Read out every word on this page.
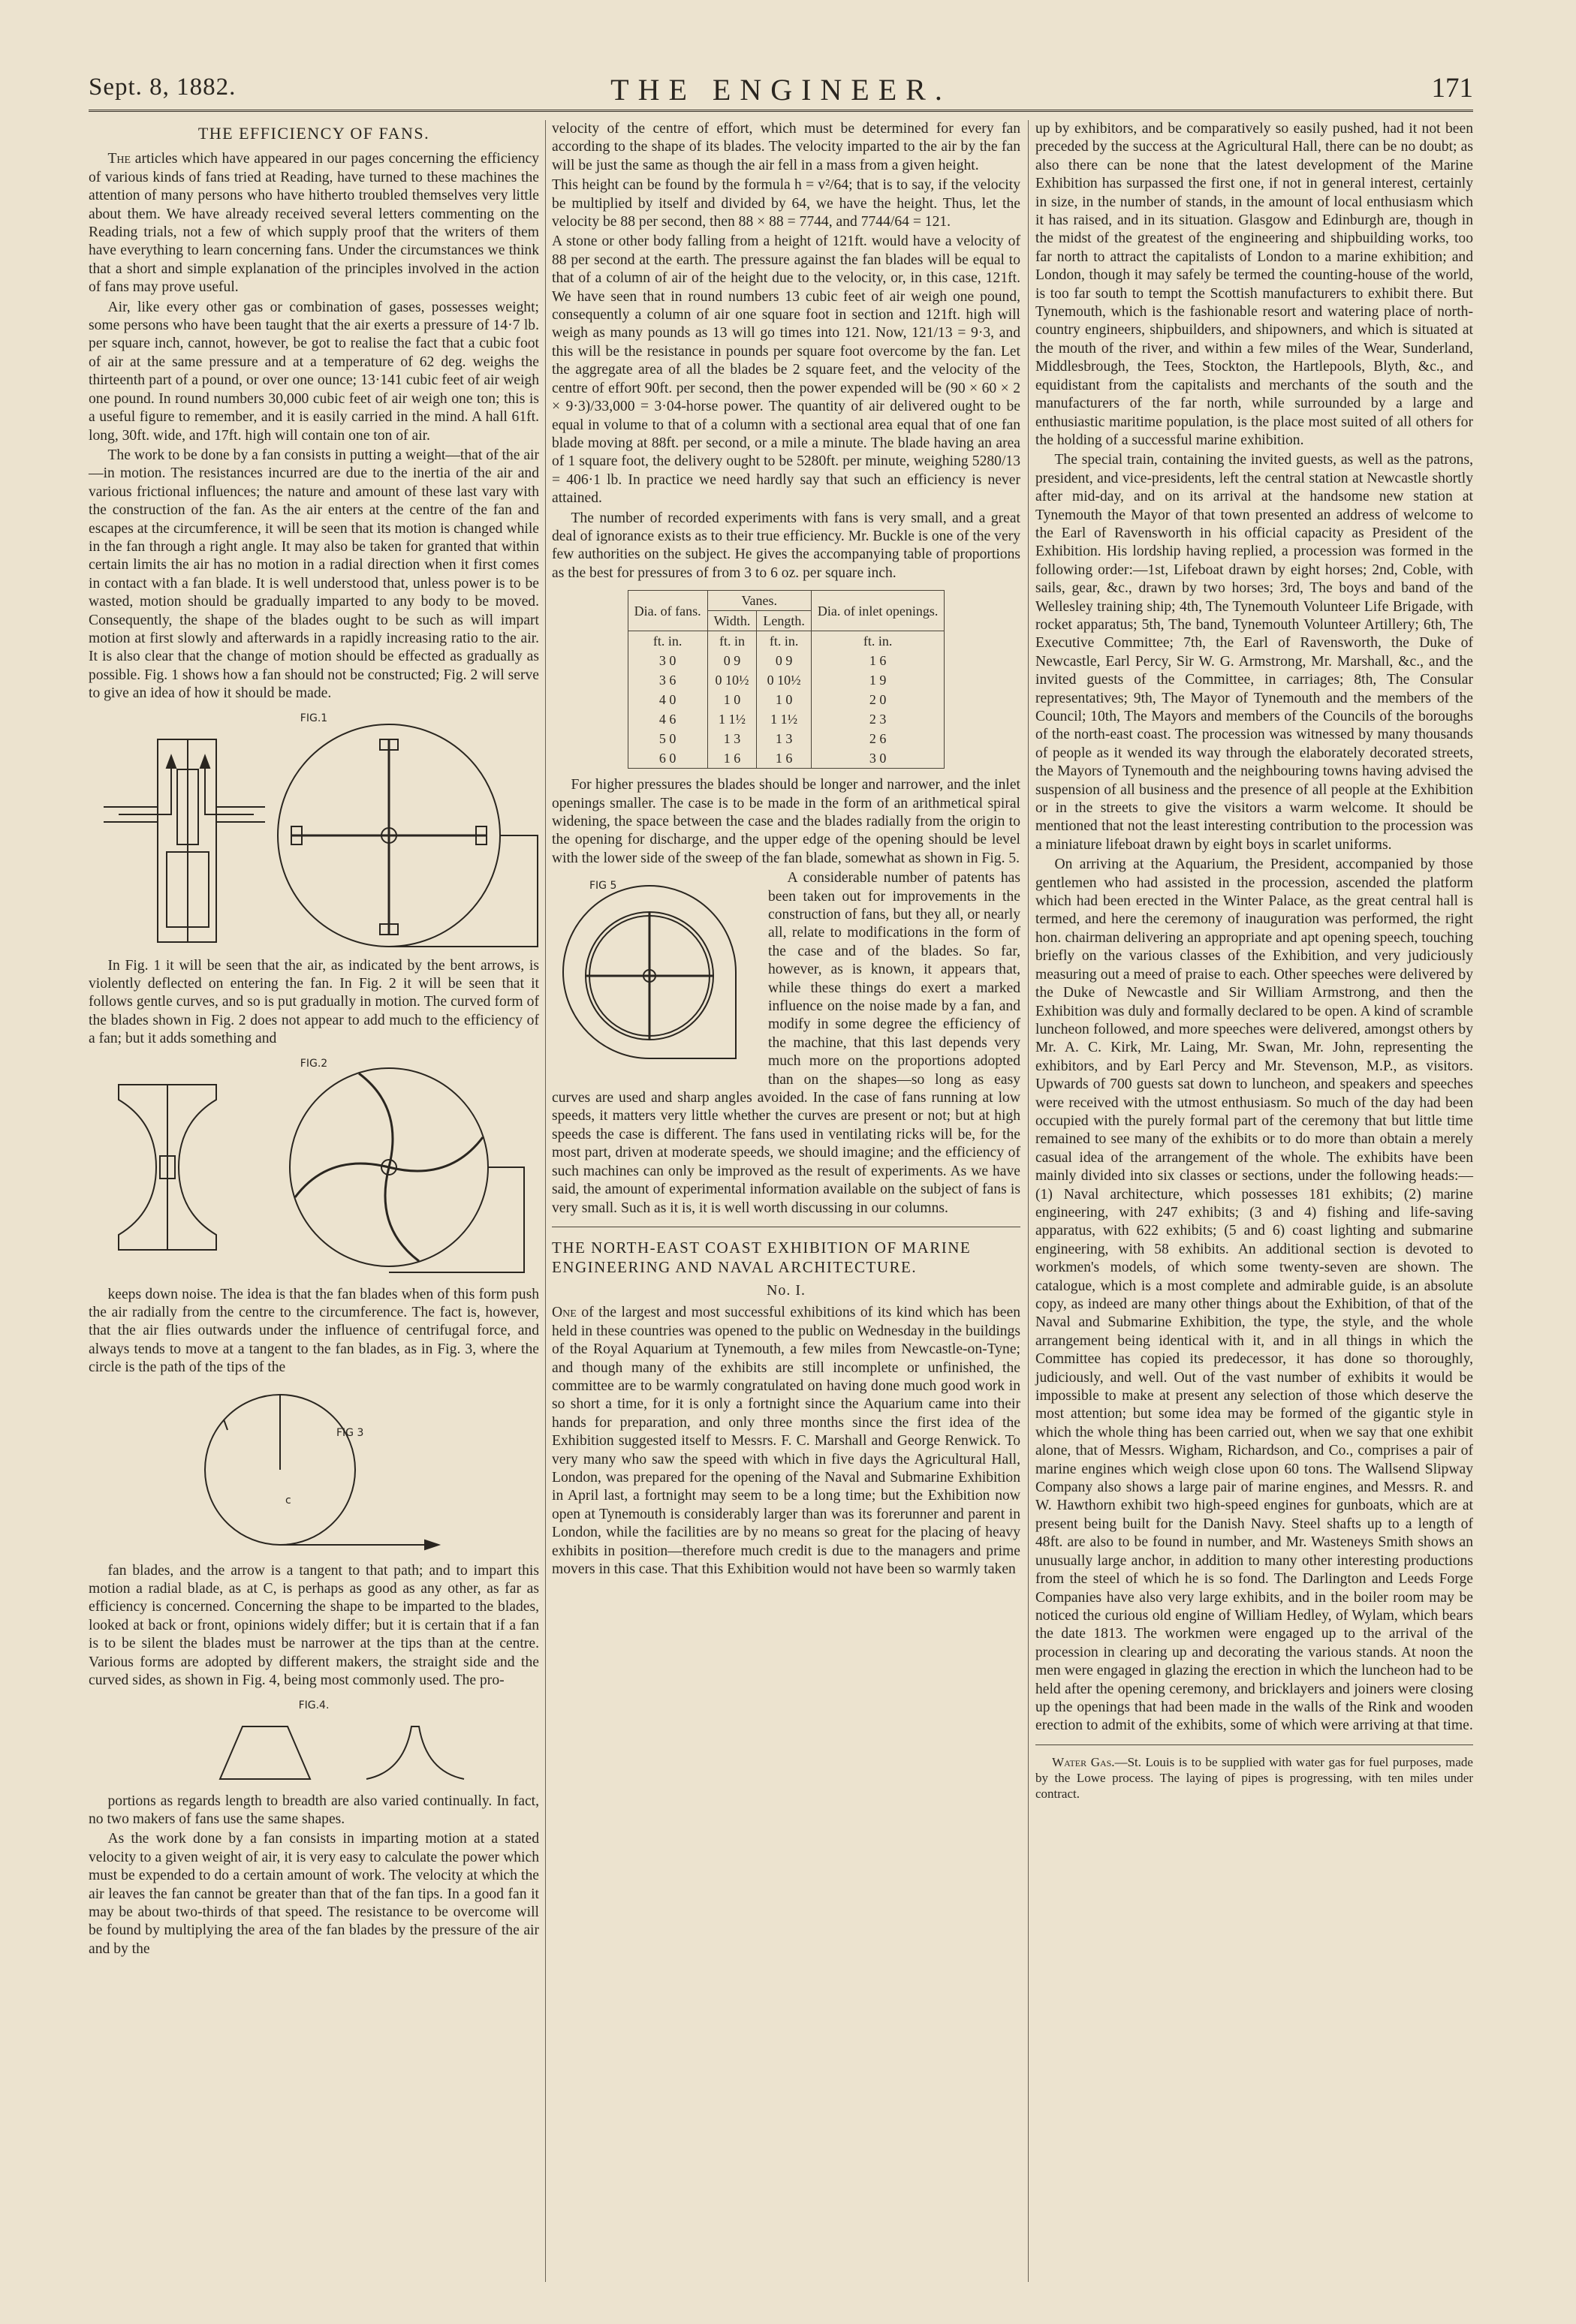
Sept. 8, 1882.	THE ENGINEER.	171
THE EFFICIENCY OF FANS.

The articles which have appeared in our pages concerning the efficiency of various kinds of fans tried at Reading, have turned to these machines the attention of many persons who have hitherto troubled themselves very little about them. We have already received several letters commenting on the Reading trials, not a few of which supply proof that the writers of them have everything to learn concerning fans. Under the circumstances we think that a short and simple explanation of the principles involved in the action of fans may prove useful.

Air, like every other gas or combination of gases, possesses weight; some persons who have been taught that the air exerts a pressure of 14·7 lb. per square inch, cannot, however, be got to realise the fact that a cubic foot of air at the same pressure and at a temperature of 62 deg. weighs the thirteenth part of a pound, or over one ounce; 13·141 cubic feet of air weigh one pound. In round numbers 30,000 cubic feet of air weigh one ton; this is a useful figure to remember, and it is easily carried in the mind. A hall 61ft. long, 30ft. wide, and 17ft. high will contain one ton of air.

The work to be done by a fan consists in putting a weight—that of the air—in motion. The resistances incurred are due to the inertia of the air and various frictional influences; the nature and amount of these last vary with the construction of the fan. As the air enters at the centre of the fan and escapes at the circumference, it will be seen that its motion is changed while in the fan through a right angle. It may also be taken for granted that within certain limits the air has no motion in a radial direction when it first comes in contact with a fan blade. It is well understood that, unless power is to be wasted, motion should be gradually imparted to any body to be moved. Consequently, the shape of the blades ought to be such as will impart motion at first slowly and afterwards in a rapidly increasing ratio to the air. It is also clear that the change of motion should be effected as gradually as possible. Fig. 1 shows how a fan should not be constructed; Fig. 2 will serve to give an idea of how it should be made.

FIG.1

In Fig. 1 it will be seen that the air, as indicated by the bent arrows, is violently deflected on entering the fan. In Fig. 2 it will be seen that it follows gentle curves, and so is put gradually in motion. The curved form of the blades shown in Fig. 2 does not appear to add much to the efficiency of a fan; but it adds something and

FIG.2

keeps down noise. The idea is that the fan blades when of this form push the air radially from the centre to the circumference. The fact is, however, that the air flies outwards under the influence of centrifugal force, and always tends to move at a tangent to the fan blades, as in Fig. 3, where the circle is the path of the tips of the

FIG 3
c

fan blades, and the arrow is a tangent to that path; and to impart this motion a radial blade, as at C, is perhaps as good as any other, as far as efficiency is concerned. Concerning the shape to be imparted to the blades, looked at back or front, opinions widely differ; but it is certain that if a fan is to be silent the blades must be narrower at the tips than at the centre. Various forms are adopted by different makers, the straight side and the curved sides, as shown in Fig. 4, being most commonly used. The pro-

FIG.4.

portions as regards length to breadth are also varied continually. In fact, no two makers of fans use the same shapes.

As the work done by a fan consists in imparting motion at a stated velocity to a given weight of air, it is very easy to calculate the power which must be expended to do a certain amount of work. The velocity at which the air leaves the fan cannot be greater than that of the fan tips. In a good fan it may be about two-thirds of that speed. The resistance to be overcome will be found by multiplying the area of the fan blades by the pressure of the air and by the

velocity of the centre of effort, which must be determined for every fan according to the shape of its blades. The velocity imparted to the air by the fan will be just the same as though the air fell in a mass from a given height.

This height can be found by the formula h = v²/64; that is to say, if the velocity be multiplied by itself and divided by 64, we have the height. Thus, let the velocity be 88 per second, then 88 × 88 = 7744, and 7744/64 = 121.

A stone or other body falling from a height of 121ft. would have a velocity of 88 per second at the earth. The pressure against the fan blades will be equal to that of a column of air of the height due to the velocity, or, in this case, 121ft. We have seen that in round numbers 13 cubic feet of air weigh one pound, consequently a column of air one square foot in section and 121ft. high will weigh as many pounds as 13 will go times into 121. Now, 121/13 = 9·3, and this will be the resistance in pounds per square foot overcome by the fan. Let the aggregate area of all the blades be 2 square feet, and the velocity of the centre of effort 90ft. per second, then the power expended will be (90 × 60 × 2 × 9·3)/33,000 = 3·04-horse power. The quantity of air delivered ought to be equal in volume to that of a column with a sectional area equal that of one fan blade moving at 88ft. per second, or a mile a minute. The blade having an area of 1 square foot, the delivery ought to be 5280ft. per minute, weighing 5280/13 = 406·1 lb. In practice we need hardly say that such an efficiency is never attained.

The number of recorded experiments with fans is very small, and a great deal of ignorance exists as to their true efficiency. Mr. Buckle is one of the very few authorities on the subject. He gives the accompanying table of proportions as the best for pressures of from 3 to 6 oz. per square inch.

Dia. of fans.	Vanes.		Dia. of inlet openings.
	Width.	Length.	
ft. in.	ft. in	ft. in.	ft. in.
3 0	0 9	0 9	1 6
3 6	0 10½	0 10½	1 9
4 0	1 0	1 0	2 0
4 6	1 1½	1 1½	2 3
5 0	1 3	1 3	2 6
6 0	1 6	1 6	3 0

For higher pressures the blades should be longer and narrower, and the inlet openings smaller. The case is to be made in the form of an arithmetical spiral widening, the space between the case and the blades radially from the origin to the opening for discharge, and the upper edge of the opening should be level with the lower side of the sweep of the fan blade, somewhat as shown in Fig. 5.

FIG 5	A considerable number of patents has been taken out for improvements in the construction of fans, but they all, or nearly all, relate to modifications in the form of the case and of the blades. So far, however, as is known, it appears that, while these things do exert a marked influence on the noise made by a fan, and modify in some degree the efficiency of the machine, that this last depends very much more on the proportions adopted than on the shapes—so long as easy curves are used and sharp angles avoided. In the case of fans running at low speeds, it matters very little whether the curves are present or not; but at high speeds the case is different. The fans used in ventilating ricks will be, for the most part, driven at moderate speeds, we should imagine; and the efficiency of such machines can only be improved as the result of experiments. As we have said, the amount of experimental information available on the subject of fans is very small. Such as it is, it is well worth discussing in our columns.

THE NORTH-EAST COAST EXHIBITION OF MARINE ENGINEERING AND NAVAL ARCHITECTURE.
No. I.

One of the largest and most successful exhibitions of its kind which has been held in these countries was opened to the public on Wednesday in the buildings of the Royal Aquarium at Tynemouth, a few miles from Newcastle-on-Tyne; and though many of the exhibits are still incomplete or unfinished, the committee are to be warmly congratulated on having done much good work in so short a time, for it is only a fortnight since the Aquarium came into their hands for preparation, and only three months since the first idea of the Exhibition suggested itself to Messrs. F. C. Marshall and George Renwick. To very many who saw the speed with which in five days the Agricultural Hall, London, was prepared for the opening of the Naval and Submarine Exhibition in April last, a fortnight may seem to be a long time; but the Exhibition now open at Tynemouth is considerably larger than was its forerunner and parent in London, while the facilities are by no means so great for the placing of heavy exhibits in position—therefore much credit is due to the managers and prime movers in this case. That this Exhibition would not have been so warmly taken

up by exhibitors, and be comparatively so easily pushed, had it not been preceded by the success at the Agricultural Hall, there can be no doubt; as also there can be none that the latest development of the Marine Exhibition has surpassed the first one, if not in general interest, certainly in size, in the number of stands, in the amount of local enthusiasm which it has raised, and in its situation. Glasgow and Edinburgh are, though in the midst of the greatest of the engineering and shipbuilding works, too far north to attract the capitalists of London to a marine exhibition; and London, though it may safely be termed the counting-house of the world, is too far south to tempt the Scottish manufacturers to exhibit there. But Tynemouth, which is the fashionable resort and watering place of north-country engineers, shipbuilders, and shipowners, and which is situated at the mouth of the river, and within a few miles of the Wear, Sunderland, Middlesbrough, the Tees, Stockton, the Hartlepools, Blyth, &c., and equidistant from the capitalists and merchants of the south and the manufacturers of the far north, while surrounded by a large and enthusiastic maritime population, is the place most suited of all others for the holding of a successful marine exhibition.

The special train, containing the invited guests, as well as the patrons, president, and vice-presidents, left the central station at Newcastle shortly after mid-day, and on its arrival at the handsome new station at Tynemouth the Mayor of that town presented an address of welcome to the Earl of Ravensworth in his official capacity as President of the Exhibition. His lordship having replied, a procession was formed in the following order:—1st, Lifeboat drawn by eight horses; 2nd, Coble, with sails, gear, &c., drawn by two horses; 3rd, The boys and band of the Wellesley training ship; 4th, The Tynemouth Volunteer Life Brigade, with rocket apparatus; 5th, The band, Tynemouth Volunteer Artillery; 6th, The Executive Committee; 7th, the Earl of Ravensworth, the Duke of Newcastle, Earl Percy, Sir W. G. Armstrong, Mr. Marshall, &c., and the invited guests of the Committee, in carriages; 8th, The Consular representatives; 9th, The Mayor of Tynemouth and the members of the Council; 10th, The Mayors and members of the Councils of the boroughs of the north-east coast. The procession was witnessed by many thousands of people as it wended its way through the elaborately decorated streets, the Mayors of Tynemouth and the neighbouring towns having advised the suspension of all business and the presence of all people at the Exhibition or in the streets to give the visitors a warm welcome. It should be mentioned that not the least interesting contribution to the procession was a miniature lifeboat drawn by eight boys in scarlet uniforms.

On arriving at the Aquarium, the President, accompanied by those gentlemen who had assisted in the procession, ascended the platform which had been erected in the Winter Palace, as the great central hall is termed, and here the ceremony of inauguration was performed, the right hon. chairman delivering an appropriate and apt opening speech, touching briefly on the various classes of the Exhibition, and very judiciously measuring out a meed of praise to each. Other speeches were delivered by the Duke of Newcastle and Sir William Armstrong, and then the Exhibition was duly and formally declared to be open. A kind of scramble luncheon followed, and more speeches were delivered, amongst others by Mr. A. C. Kirk, Mr. Laing, Mr. Swan, Mr. John, representing the exhibitors, and by Earl Percy and Mr. Stevenson, M.P., as visitors. Upwards of 700 guests sat down to luncheon, and speakers and speeches were received with the utmost enthusiasm. So much of the day had been occupied with the purely formal part of the ceremony that but little time remained to see many of the exhibits or to do more than obtain a merely casual idea of the arrangement of the whole. The exhibits have been mainly divided into six classes or sections, under the following heads:—(1) Naval architecture, which possesses 181 exhibits; (2) marine engineering, with 247 exhibits; (3 and 4) fishing and life-saving apparatus, with 622 exhibits; (5 and 6) coast lighting and submarine engineering, with 58 exhibits. An additional section is devoted to workmen's models, of which some twenty-seven are shown. The catalogue, which is a most complete and admirable guide, is an absolute copy, as indeed are many other things about the Exhibition, of that of the Naval and Submarine Exhibition, the type, the style, and the whole arrangement being identical with it, and in all things in which the Committee has copied its predecessor, it has done so thoroughly, judiciously, and well. Out of the vast number of exhibits it would be impossible to make at present any selection of those which deserve the most attention; but some idea may be formed of the gigantic style in which the whole thing has been carried out, when we say that one exhibit alone, that of Messrs. Wigham, Richardson, and Co., comprises a pair of marine engines which weigh close upon 60 tons. The Wallsend Slipway Company also shows a large pair of marine engines, and Messrs. R. and W. Hawthorn exhibit two high-speed engines for gunboats, which are at present being built for the Danish Navy. Steel shafts up to a length of 48ft. are also to be found in number, and Mr. Wasteneys Smith shows an unusually large anchor, in addition to many other interesting productions from the steel of which he is so fond. The Darlington and Leeds Forge Companies have also very large exhibits, and in the boiler room may be noticed the curious old engine of William Hedley, of Wylam, which bears the date 1813. The workmen were engaged up to the arrival of the procession in clearing up and decorating the various stands. At noon the men were engaged in glazing the erection in which the luncheon had to be held after the opening ceremony, and bricklayers and joiners were closing up the openings that had been made in the walls of the Rink and wooden erection to admit of the exhibits, some of which were arriving at that time.

Water Gas.—St. Louis is to be supplied with water gas for fuel purposes, made by the Lowe process. The laying of pipes is progressing, with ten miles under contract.
